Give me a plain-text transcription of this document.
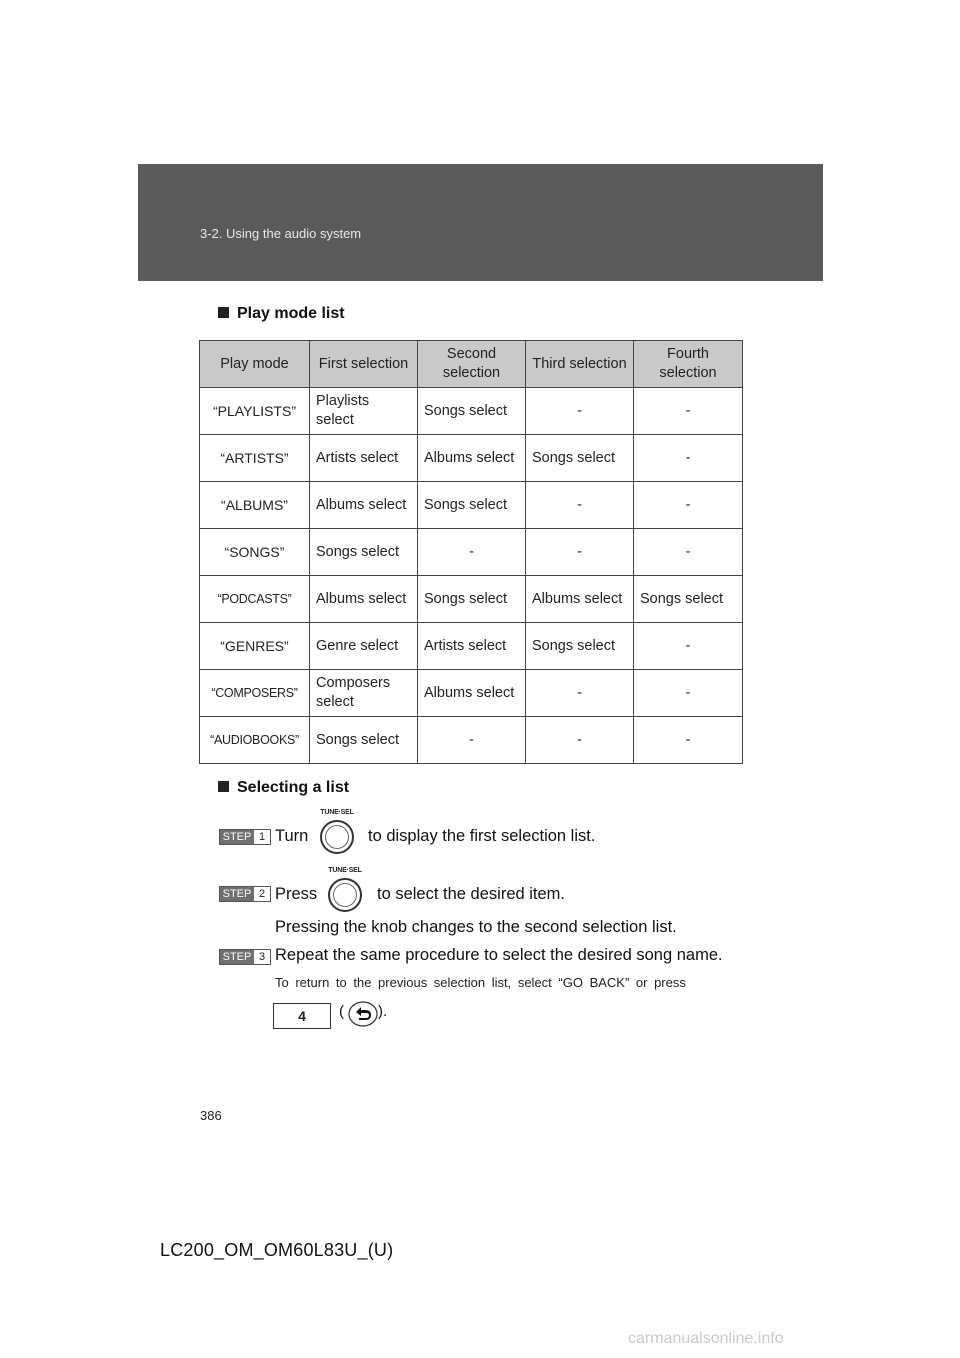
3-2. Using the audio system
Play mode list
Play mode	First selection	Second selection	Third selection	Fourth selection
“PLAYLISTS”	Playlists select	Songs select	-	-
“ARTISTS”	Artists select	Albums select	Songs select	-
“ALBUMS”	Albums select	Songs select	-	-
“SONGS”	Songs select	-	-	-
“PODCASTS”	Albums select	Songs select	Albums select	Songs select
“GENRES”	Genre select	Artists select	Songs select	-
“COMPOSERS”	Composers select	Albums select	-	-
“AUDIOBOOKS”	Songs select	-	-	-
Selecting a list
STEP 1 Turn
TUNE·SEL
to display the first selection list.
STEP 2 Press
TUNE·SEL
to select the desired item.
Pressing the knob changes to the second selection list.
STEP 3 Repeat the same procedure to select the desired song name.
To return to the previous selection list, select “GO BACK” or press
4	( ).
386
LC200_OM_OM60L83U_(U)
carmanualsonline.info
